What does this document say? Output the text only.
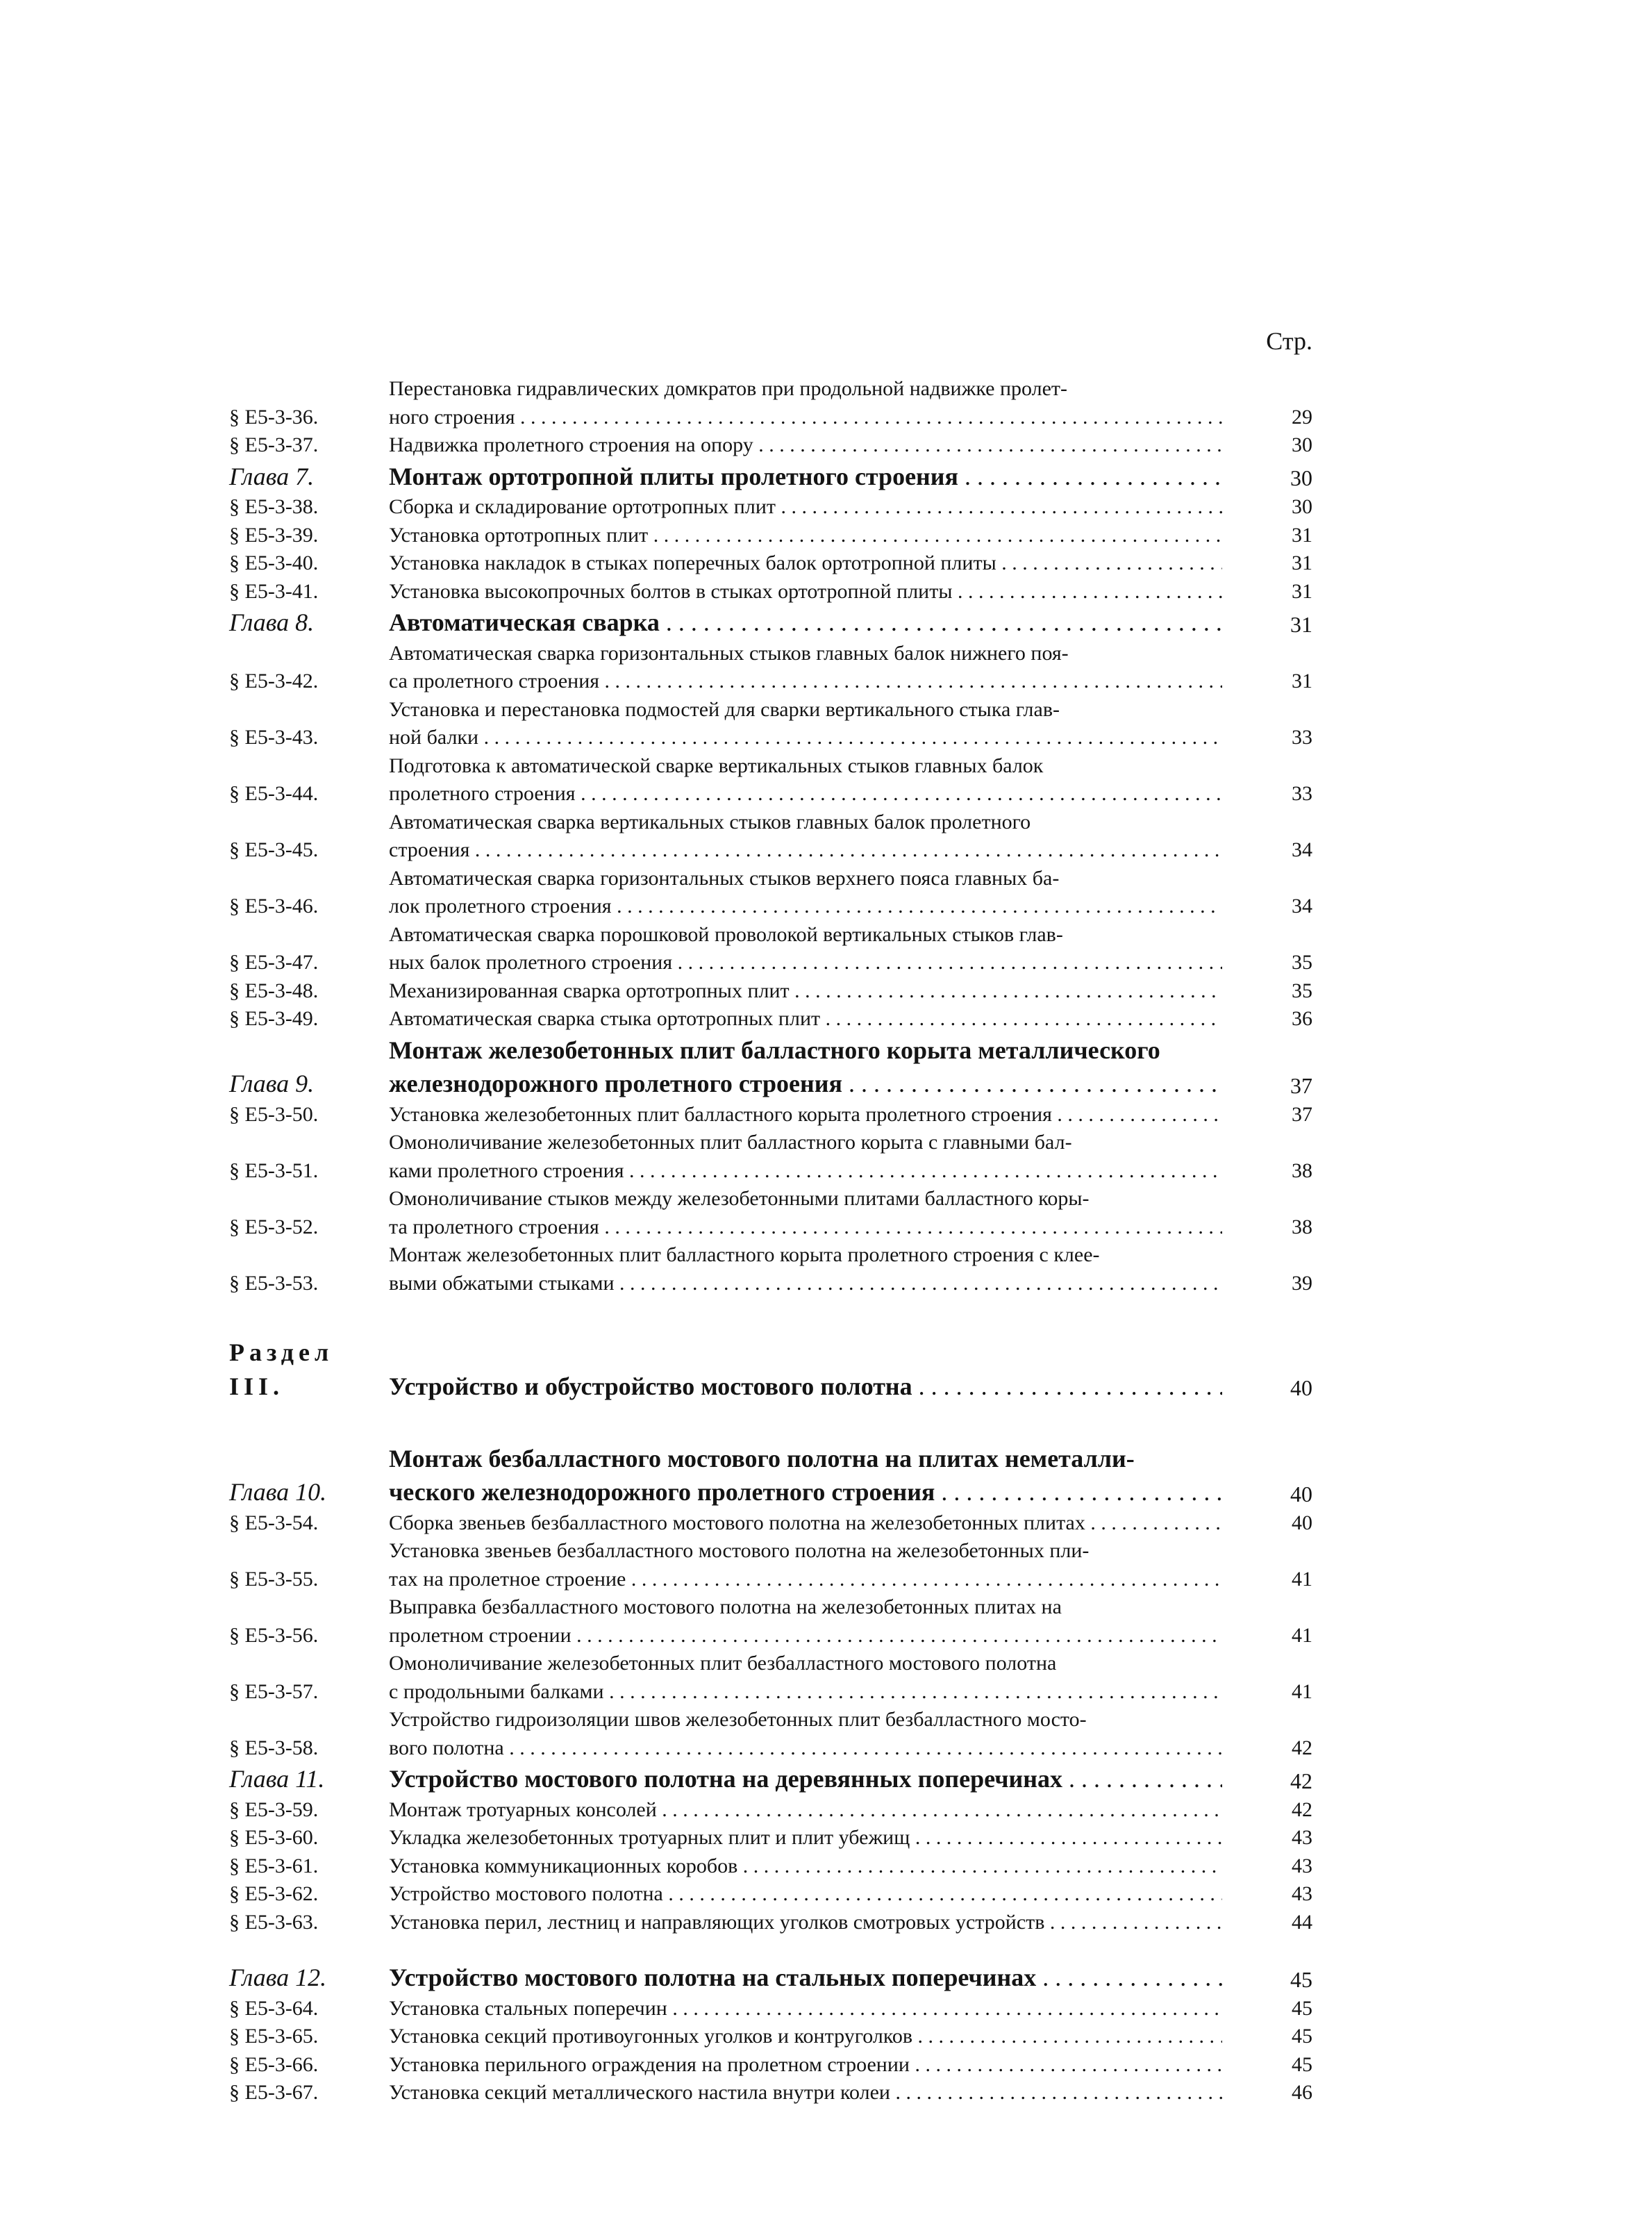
Стр.
§ Е5-3-36.
Перестановка гидравлических домкратов при продольной надвижке пролет-
ного строения . . .	29
§ Е5-3-37.	Надвижка пролетного строения на опору . . .	30
Глава 7.	Монтаж ортотропной плиты пролетного строения . . .	30
§ Е5-3-38.	Сборка и складирование ортотропных плит . . .	30
§ Е5-3-39.	Установка ортотропных плит . . .	31
§ Е5-3-40.	Установка накладок в стыках поперечных балок ортотропной плиты . . .	31
§ Е5-3-41.	Установка высокопрочных болтов в стыках ортотропной плиты . . .	31
Глава 8.	Автоматическая сварка . . .	31
§ Е5-3-42.
Автоматическая сварка горизонтальных стыков главных балок нижнего поя-
са пролетного строения . . .	31
§ Е5-3-43.
Установка и перестановка подмостей для сварки вертикального стыка глав-
ной балки . . .	33
§ Е5-3-44.
Подготовка к автоматической сварке вертикальных стыков главных балок
пролетного строения . . .	33
§ Е5-3-45.
Автоматическая сварка вертикальных стыков главных балок пролетного
строения . . .	34
§ Е5-3-46.
Автоматическая сварка горизонтальных стыков верхнего пояса главных ба-
лок пролетного строения . . .	34
§ Е5-3-47.
Автоматическая сварка порошковой проволокой вертикальных стыков глав-
ных балок пролетного строения . . .	35
§ Е5-3-48.	Механизированная сварка ортотропных плит . . .	35
§ Е5-3-49.	Автоматическая сварка стыка ортотропных плит . . .	36
Глава 9.
Монтаж железобетонных плит балластного корыта металлического
железнодорожного пролетного строения . . .	37
§ Е5-3-50.	Установка железобетонных плит балластного корыта пролетного строения . . .	37
§ Е5-3-51.
Омоноличивание железобетонных плит балластного корыта с главными бал-
ками пролетного строения . . .	38
§ Е5-3-52.
Омоноличивание стыков между железобетонными плитами балластного коры-
та пролетного строения . . .	38
§ Е5-3-53.
Монтаж железобетонных плит балластного корыта пролетного строения с клее-
выми обжатыми стыками . . .	39
Раздел III.	Устройство и обустройство мостового полотна . . .	40
Глава 10.
Монтаж безбалластного мостового полотна на плитах неметалли-
ческого железнодорожного пролетного строения . . .	40
§ Е5-3-54.	Сборка звеньев безбалластного мостового полотна на железобетонных плитах . . .	40
§ Е5-3-55.
Установка звеньев безбалластного мостового полотна на железобетонных пли-
тах на пролетное строение . . .	41
§ Е5-3-56.
Выправка безбалластного мостового полотна на железобетонных плитах на
пролетном строении . . .	41
§ Е5-3-57.
Омоноличивание железобетонных плит безбалластного мостового полотна
с продольными балками . . .	41
§ Е5-3-58.
Устройство гидроизоляции швов железобетонных плит безбалластного мосто-
вого полотна . . .	42
Глава 11.	Устройство мостового полотна на деревянных поперечинах . . .	42
§ Е5-3-59.	Монтаж тротуарных консолей . . .	42
§ Е5-3-60.	Укладка железобетонных тротуарных плит и плит убежищ . . .	43
§ Е5-3-61.	Установка коммуникационных коробов . . .	43
§ Е5-3-62.	Устройство мостового полотна . . .	43
§ Е5-3-63.	Установка перил, лестниц и направляющих уголков смотровых устройств . . .	44
Глава 12.	Устройство мостового полотна на стальных поперечинах . . .	45
§ Е5-3-64.	Установка стальных поперечин . . .	45
§ Е5-3-65.	Установка секций противоугонных уголков и контруголков . . .	45
§ Е5-3-66.	Установка перильного ограждения на пролетном строении . . .	45
§ Е5-3-67.	Установка секций металлического настила внутри колеи . . .	46
